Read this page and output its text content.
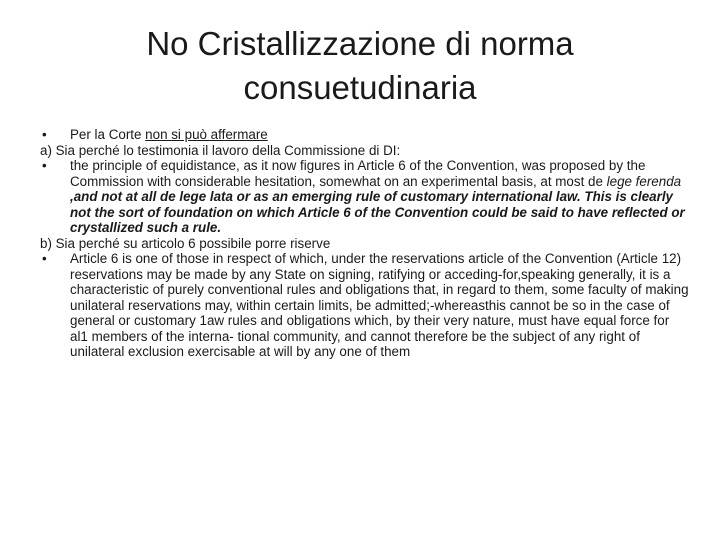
No Cristallizzazione di norma
consuetudinaria
•	Per la Corte non si può affermare

a) Sia perché lo testimonia il lavoro della Commissione di DI:

•	the principle of equidistance, as it now figures in Article 6 of the Convention, was proposed by the Commission with considerable hesitation, somewhat on an experimental basis, at most de lege ferenda ,and not at all de lege lata or as an emerging rule of customary international law. This is clearly not the sort of foundation on which Article 6 of the Convention could be said to have reflected or crystallized such a rule.

b) Sia perché su articolo 6 possibile porre riserve

•	Article 6 is one of those in respect of which, under the reservations article of the Convention (Article 12) reservations may be made by any State on signing, ratifying or acceding-for,speaking generally, it is a characteristic of purely conventional rules and obligations that, in regard to them, some faculty of making unilateral reservations may, within certain limits, be admitted;-whereasthis cannot be so in the case of general or customary 1aw rules and obligations which, by their very nature, must have equal force for al1 members of the interna- tional community, and cannot therefore be the subject of any right of unilateral exclusion exercisable at will by any one of them
